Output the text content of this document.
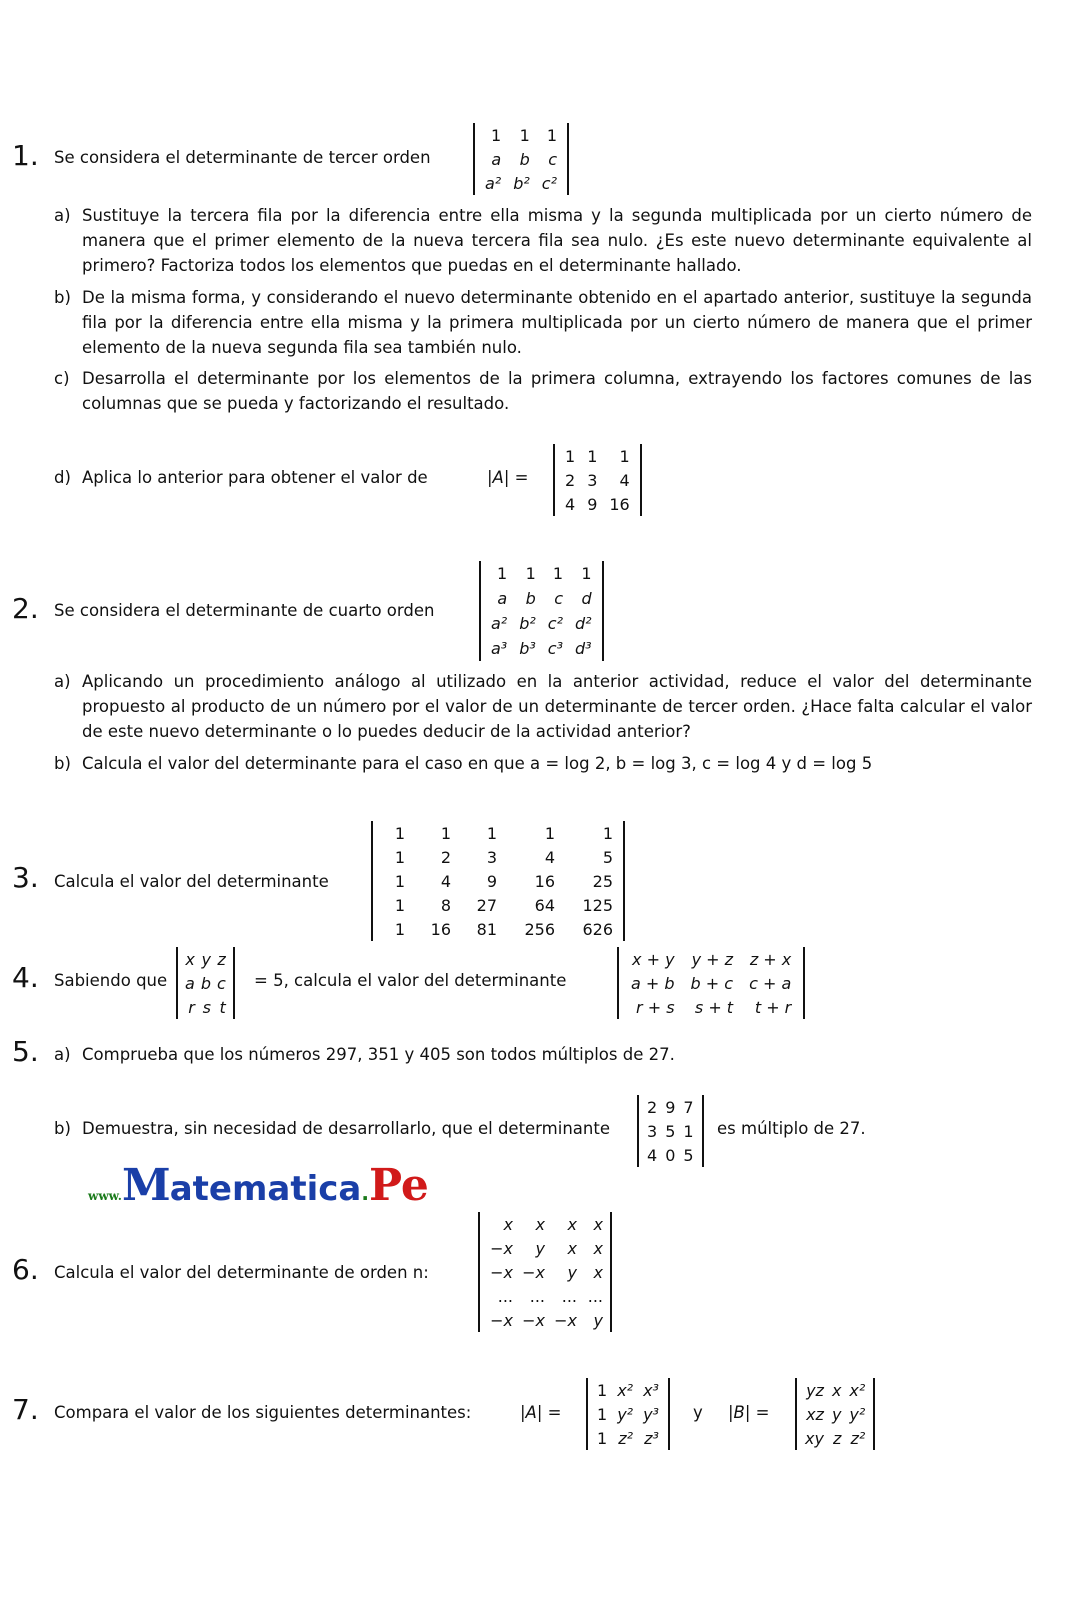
1. Se considera el determinante de tercer orden
1	1	1
a	b	c
a²	b²	c²
a) Sustituye la tercera fila por la diferencia entre ella misma y la segunda multiplicada por un cierto número de manera que el primer elemento de la nueva tercera fila sea nulo. ¿Es este nuevo determinante equivalente al primero? Factoriza todos los elementos que puedas en el determinante hallado.
b) De la misma forma, y considerando el nuevo determinante obtenido en el apartado anterior, sustituye la segunda fila por la diferencia entre ella misma y la primera multiplicada por un cierto número de manera que el primer elemento de la nueva segunda fila sea también nulo.
c) Desarrolla el determinante por los elementos de la primera columna, extrayendo los factores comunes de las columnas que se pueda y factorizando el resultado.
d) Aplica lo anterior para obtener el valor de	|A| =
1	1	1
2	3	4
4	9	16
2. Se considera el determinante de cuarto orden
1	1	1	1
a	b	c	d
a²	b²	c²	d²
a³	b³	c³	d³
a) Aplicando un procedimiento análogo al utilizado en la anterior actividad, reduce el valor del determinante propuesto al producto de un número por el valor de un determinante de tercer orden. ¿Hace falta calcular el valor de este nuevo determinante o lo puedes deducir de la actividad anterior?
b) Calcula el valor del determinante para el caso en que a = log 2, b = log 3, c = log 4 y d = log 5
3. Calcula el valor del determinante
1	1	1	1	1
1	2	3	4	5
1	4	9	16	25
1	8	27	64	125
1	16	81	256	626
4. Sabiendo que
x	y	z
a	b	c
r	s	t
= 5, calcula el valor del determinante
x + y	y + z	z + x
a + b	b + c	c + a
r + s	s + t	t + r
5. a) Comprueba que los números 297, 351 y 405 son todos múltiplos de 27.
b) Demuestra, sin necesidad de desarrollarlo, que el determinante
2	9	7
3	5	1
4	0	5
es múltiplo de 27.
www.Matematica.Pe
6. Calcula el valor del determinante de orden n:
x	x	x	x
−x	y	x	x
−x	−x	y	x
...	...	...	...
−x	−x	−x	y
7. Compara el valor de los siguientes determinantes:	|A| =
1	x²	x³
1	y²	y³
1	z²	z³
y |B| =
yz	x	x²
xz	y	y²
xy	z	z²
